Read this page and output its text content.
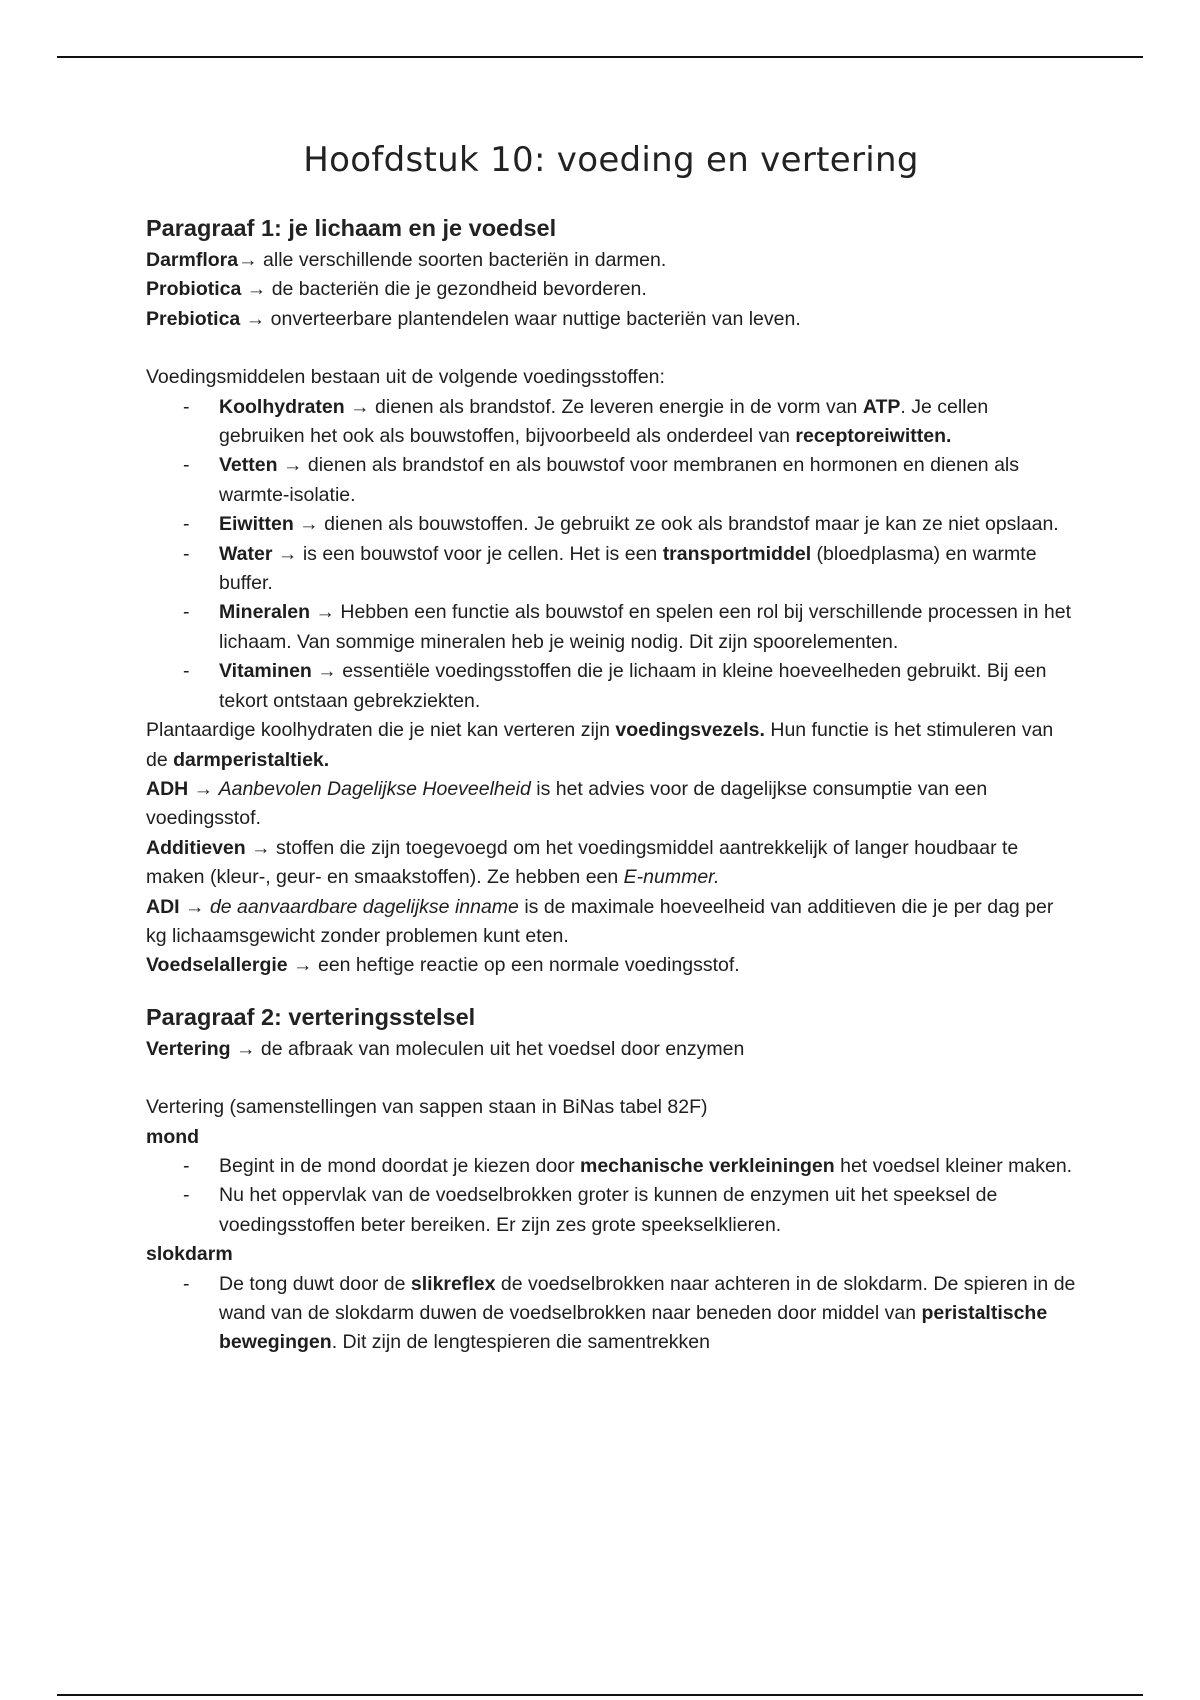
Hoofdstuk 10: voeding en vertering
Paragraaf 1: je lichaam en je voedsel

Darmflora→ alle verschillende soorten bacteriën in darmen.

Probiotica → de bacteriën die je gezondheid bevorderen.

Prebiotica → onverteerbare plantendelen waar nuttige bacteriën van leven.

Voedingsmiddelen bestaan uit de volgende voedingsstoffen:

- Koolhydraten → dienen als brandstof. Ze leveren energie in de vorm van ATP. Je cellen gebruiken het ook als bouwstoffen, bijvoorbeeld als onderdeel van receptoreiwitten.
- Vetten → dienen als brandstof en als bouwstof voor membranen en hormonen en dienen als warmte-isolatie.
- Eiwitten → dienen als bouwstoffen. Je gebruikt ze ook als brandstof maar je kan ze niet opslaan.
- Water → is een bouwstof voor je cellen. Het is een transportmiddel (bloedplasma) en warmte buffer.
- Mineralen → Hebben een functie als bouwstof en spelen een rol bij verschillende processen in het lichaam. Van sommige mineralen heb je weinig nodig. Dit zijn spoorelementen.
- Vitaminen → essentiële voedingsstoffen die je lichaam in kleine hoeveelheden gebruikt. Bij een tekort ontstaan gebrekziekten.

Plantaardige koolhydraten die je niet kan verteren zijn voedingsvezels. Hun functie is het stimuleren van de darmperistaltiek.

ADH → Aanbevolen Dagelijkse Hoeveelheid is het advies voor de dagelijkse consumptie van een voedingsstof.

Additieven → stoffen die zijn toegevoegd om het voedingsmiddel aantrekkelijk of langer houdbaar te maken (kleur-, geur- en smaakstoffen). Ze hebben een E-nummer.

ADI → de aanvaardbare dagelijkse inname is de maximale hoeveelheid van additieven die je per dag per kg lichaamsgewicht zonder problemen kunt eten.

Voedselallergie → een heftige reactie op een normale voedingsstof.

Paragraaf 2: verteringsstelsel

Vertering → de afbraak van moleculen uit het voedsel door enzymen

Vertering (samenstellingen van sappen staan in BiNas tabel 82F)

mond

- Begint in de mond doordat je kiezen door mechanische verkleiningen het voedsel kleiner maken.
- Nu het oppervlak van de voedselbrokken groter is kunnen de enzymen uit het speeksel de voedingsstoffen beter bereiken. Er zijn zes grote speekselklieren.

slokdarm

- De tong duwt door de slikreflex de voedselbrokken naar achteren in de slokdarm. De spieren in de wand van de slokdarm duwen de voedselbrokken naar beneden door middel van peristaltische bewegingen. Dit zijn de lengtespieren die samentrekken
